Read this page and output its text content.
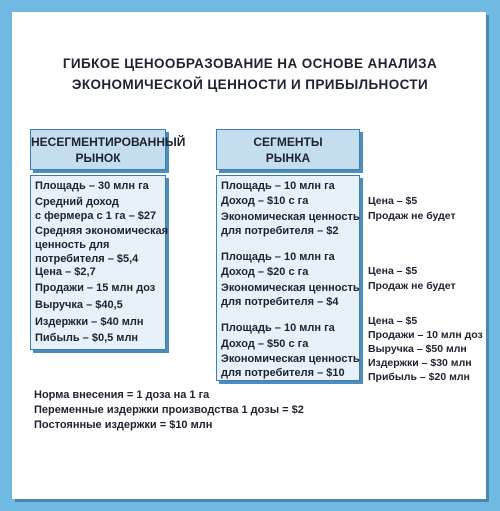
ГИБКОЕ ЦЕНООБРАЗОВАНИЕ НА ОСНОВЕ АНАЛИЗА
ЭКОНОМИЧЕСКОЙ ЦЕННОСТИ И ПРИБЫЛЬНОСТИ
НЕСЕГМЕНТИРОВАННЫЙ
РЫНОК
СЕГМЕНТЫ
РЫНКА
Площадь – 30 млн га
Средний доход
с фермера с 1 га – $27
Средняя экономическая
ценность для
потребителя – $5,4
Цена – $2,7
Продажи – 15 млн доз
Выручка – $40,5
Издержки – $40 млн
Пибыль – $0,5 млн
Площадь – 10 млн га
Доход – $10 с га
Экономическая ценность
для потребителя – $2
Площадь – 10 млн га
Доход – $20 с га
Экономическая ценность
для потребителя – $4
Площадь – 10 млн га
Доход – $50 с га
Экономическая ценность
для потребителя – $10
Цена – $5
Продаж не будет
Цена – $5
Продаж не будет
Цена – $5
Продажи – 10 млн доз
Выручка – $50 млн
Издержки – $30 млн
Прибыль – $20 млн
Норма внесения = 1 доза на 1 га
Переменные издержки производства 1 дозы = $2
Постоянные издержки = $10 млн
